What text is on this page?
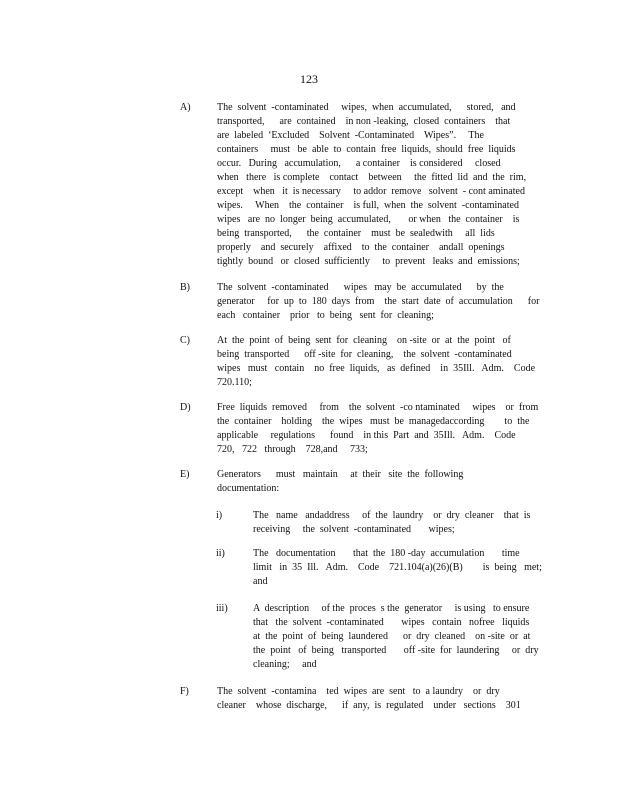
123
A)	The  solvent  -contaminated     wipes,  when  accumulated,      stored,   and
transported,      are  contained    in non -leaking,  closed  containers    that
are  labeled  ‘Excluded    Solvent  -Contaminated    Wipes”.     The
containers     must   be  able  to  contain  free  liquids,  should  free  liquids
occur.   During   accumulation,      a container    is considered     closed
when   there   is complete    contact    between     the  fitted  lid  and  the  rim,
except    when   it  is necessary     to addor  remove   solvent  - cont aminated
wipes.     When    the  container    is full,  when  the  solvent  -contaminated
wipes   are  no  longer  being  accumulated,       or when   the  container    is
being  transported,      the  container    must  be  sealedwith     all  lids
properly    and  securely    affixed    to  the  container    andall  openings
tightly  bound   or  closed  sufficiently     to  prevent   leaks  and  emissions;
B)	The  solvent  -contaminated      wipes   may  be  accumulated      by  the
generator     for  up  to  180  days  from    the  start  date  of  accumulation      for
each   container    prior   to  being   sent  for  cleaning;
C)	At  the  point  of  being  sent  for  cleaning    on -site  or  at  the  point   of
being  transported      off -site  for  cleaning,    the  solvent  -contaminated
wipes   must   contain    no  free  liquids,   as  defined    in  35Ill.   Adm.    Code
720.110;
D)	Free  liquids  removed     from    the  solvent  -co ntaminated     wipes    or  from
the  container    holding    the  wipes   must  be  managedaccording        to  the
applicable     regulations      found    in this  Part  and  35Ill.   Adm.    Code
720,   722   through    728,and     733;
E)	Generators      must   maintain     at  their   site  the  following
documentation:
i)	The   name   andaddress     of  the  laundry    or  dry  cleaner    that  is
receiving     the  solvent  -contaminated       wipes;
ii)	The   documentation       that  the  180 -day  accumulation       time
limit   in  35  Ill.   Adm.    Code    721.104(a)(26)(B)        is  being   met;
and
iii)	A  description     of the  proces  s the  generator     is using   to ensure
that   the  solvent  -contaminated       wipes   contain   nofree   liquids
at  the  point  of  being  laundered      or  dry  cleaned    on -site  or  at
the  point   of  being   transported       off -site  for  laundering     or  dry
cleaning;     and
F)	The  solvent  -contamina    ted  wipes  are  sent   to  a laundry    or  dry
cleaner    whose  discharge,      if  any,  is  regulated    under   sections    301
